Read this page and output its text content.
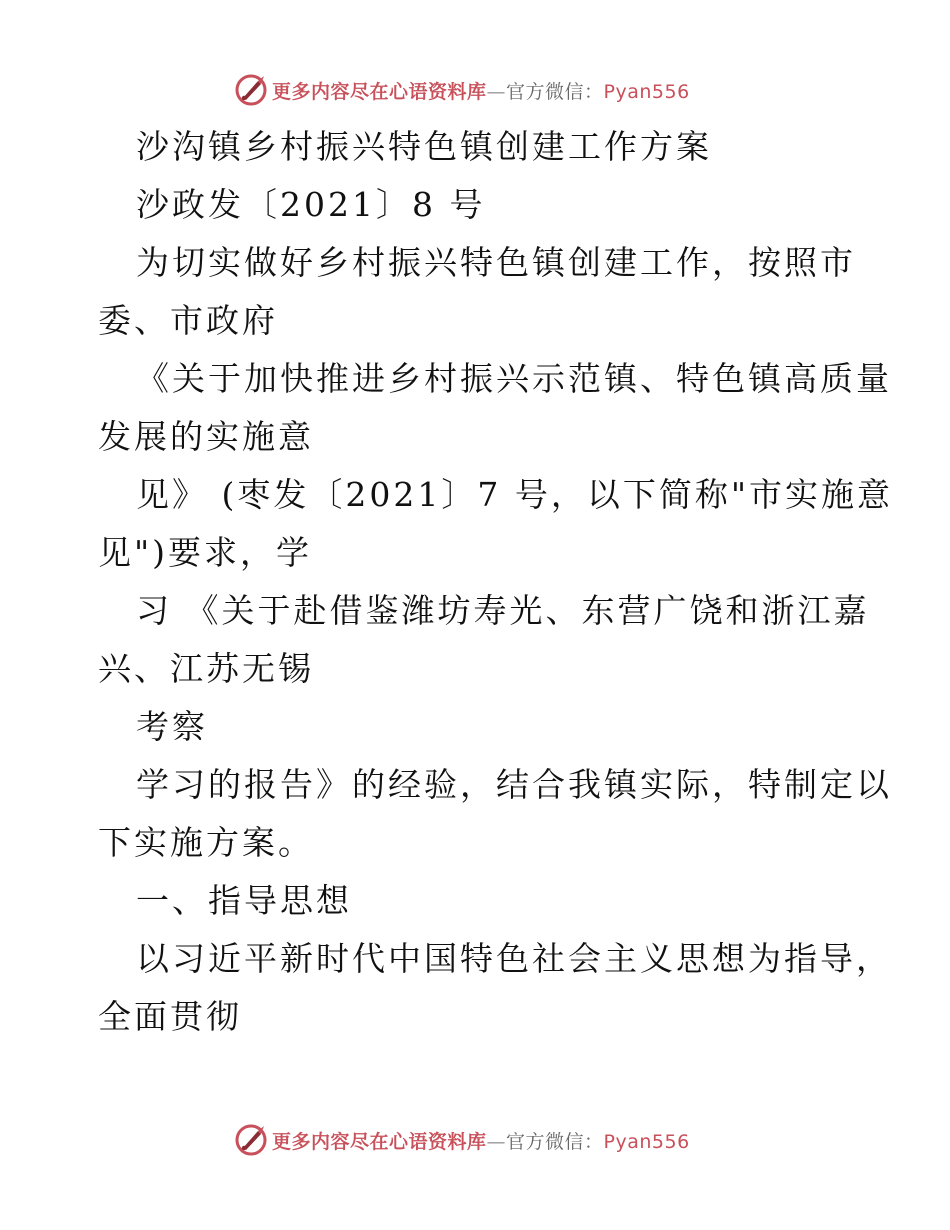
更多内容尽在心语资料库—官方微信：Pyan556
沙沟镇乡村振兴特色镇创建工作方案
沙政发〔2021〕8 号
为切实做好乡村振兴特色镇创建工作，按照市
委、市政府
《关于加快推进乡村振兴示范镇、特色镇高质量
发展的实施意
见》 (枣发〔2021〕7 号，以下简称"市实施意
见")要求，学
习 《关于赴借鉴潍坊寿光、东营广饶和浙江嘉
兴、江苏无锡
考察
学习的报告》的经验，结合我镇实际，特制定以
下实施方案。
一、指导思想
以习近平新时代中国特色社会主义思想为指导，
全面贯彻
更多内容尽在心语资料库—官方微信：Pyan556
